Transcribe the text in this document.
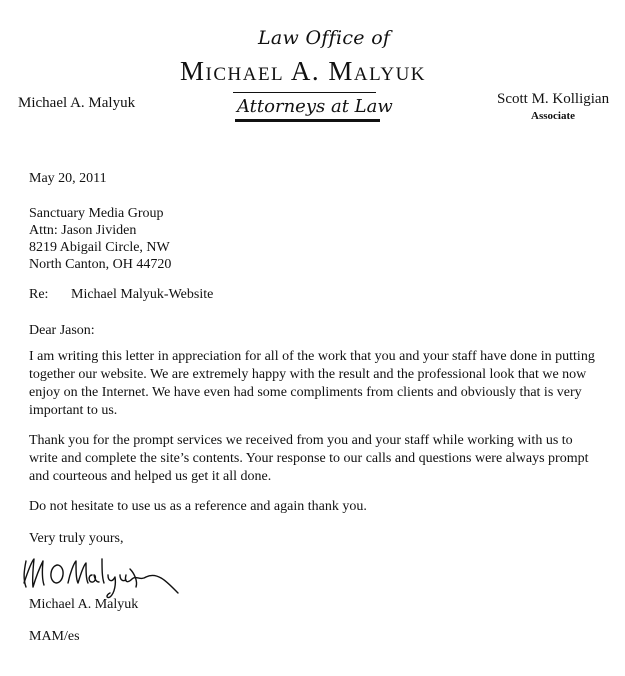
Law Office of
Michael A. Malyuk
Attorneys at Law
Michael A. Malyuk	Scott M. Kolligian
Associate
May 20, 2011
Sanctuary Media Group
Attn: Jason Jividen
8219 Abigail Circle, NW
North Canton, OH 44720
Re: Michael Malyuk-Website
Dear Jason:
I am writing this letter in appreciation for all of the work that you and your staff have done in putting together our website. We are extremely happy with the result and the professional look that we now enjoy on the Internet. We have even had some compliments from clients and obviously that is very important to us.
Thank you for the prompt services we received from you and your staff while working with us to write and complete the site’s contents. Your response to our calls and questions were always prompt and courteous and helped us get it all done.
Do not hesitate to use us as a reference and again thank you.
Very truly yours,
Michael A. Malyuk
MAM/es
